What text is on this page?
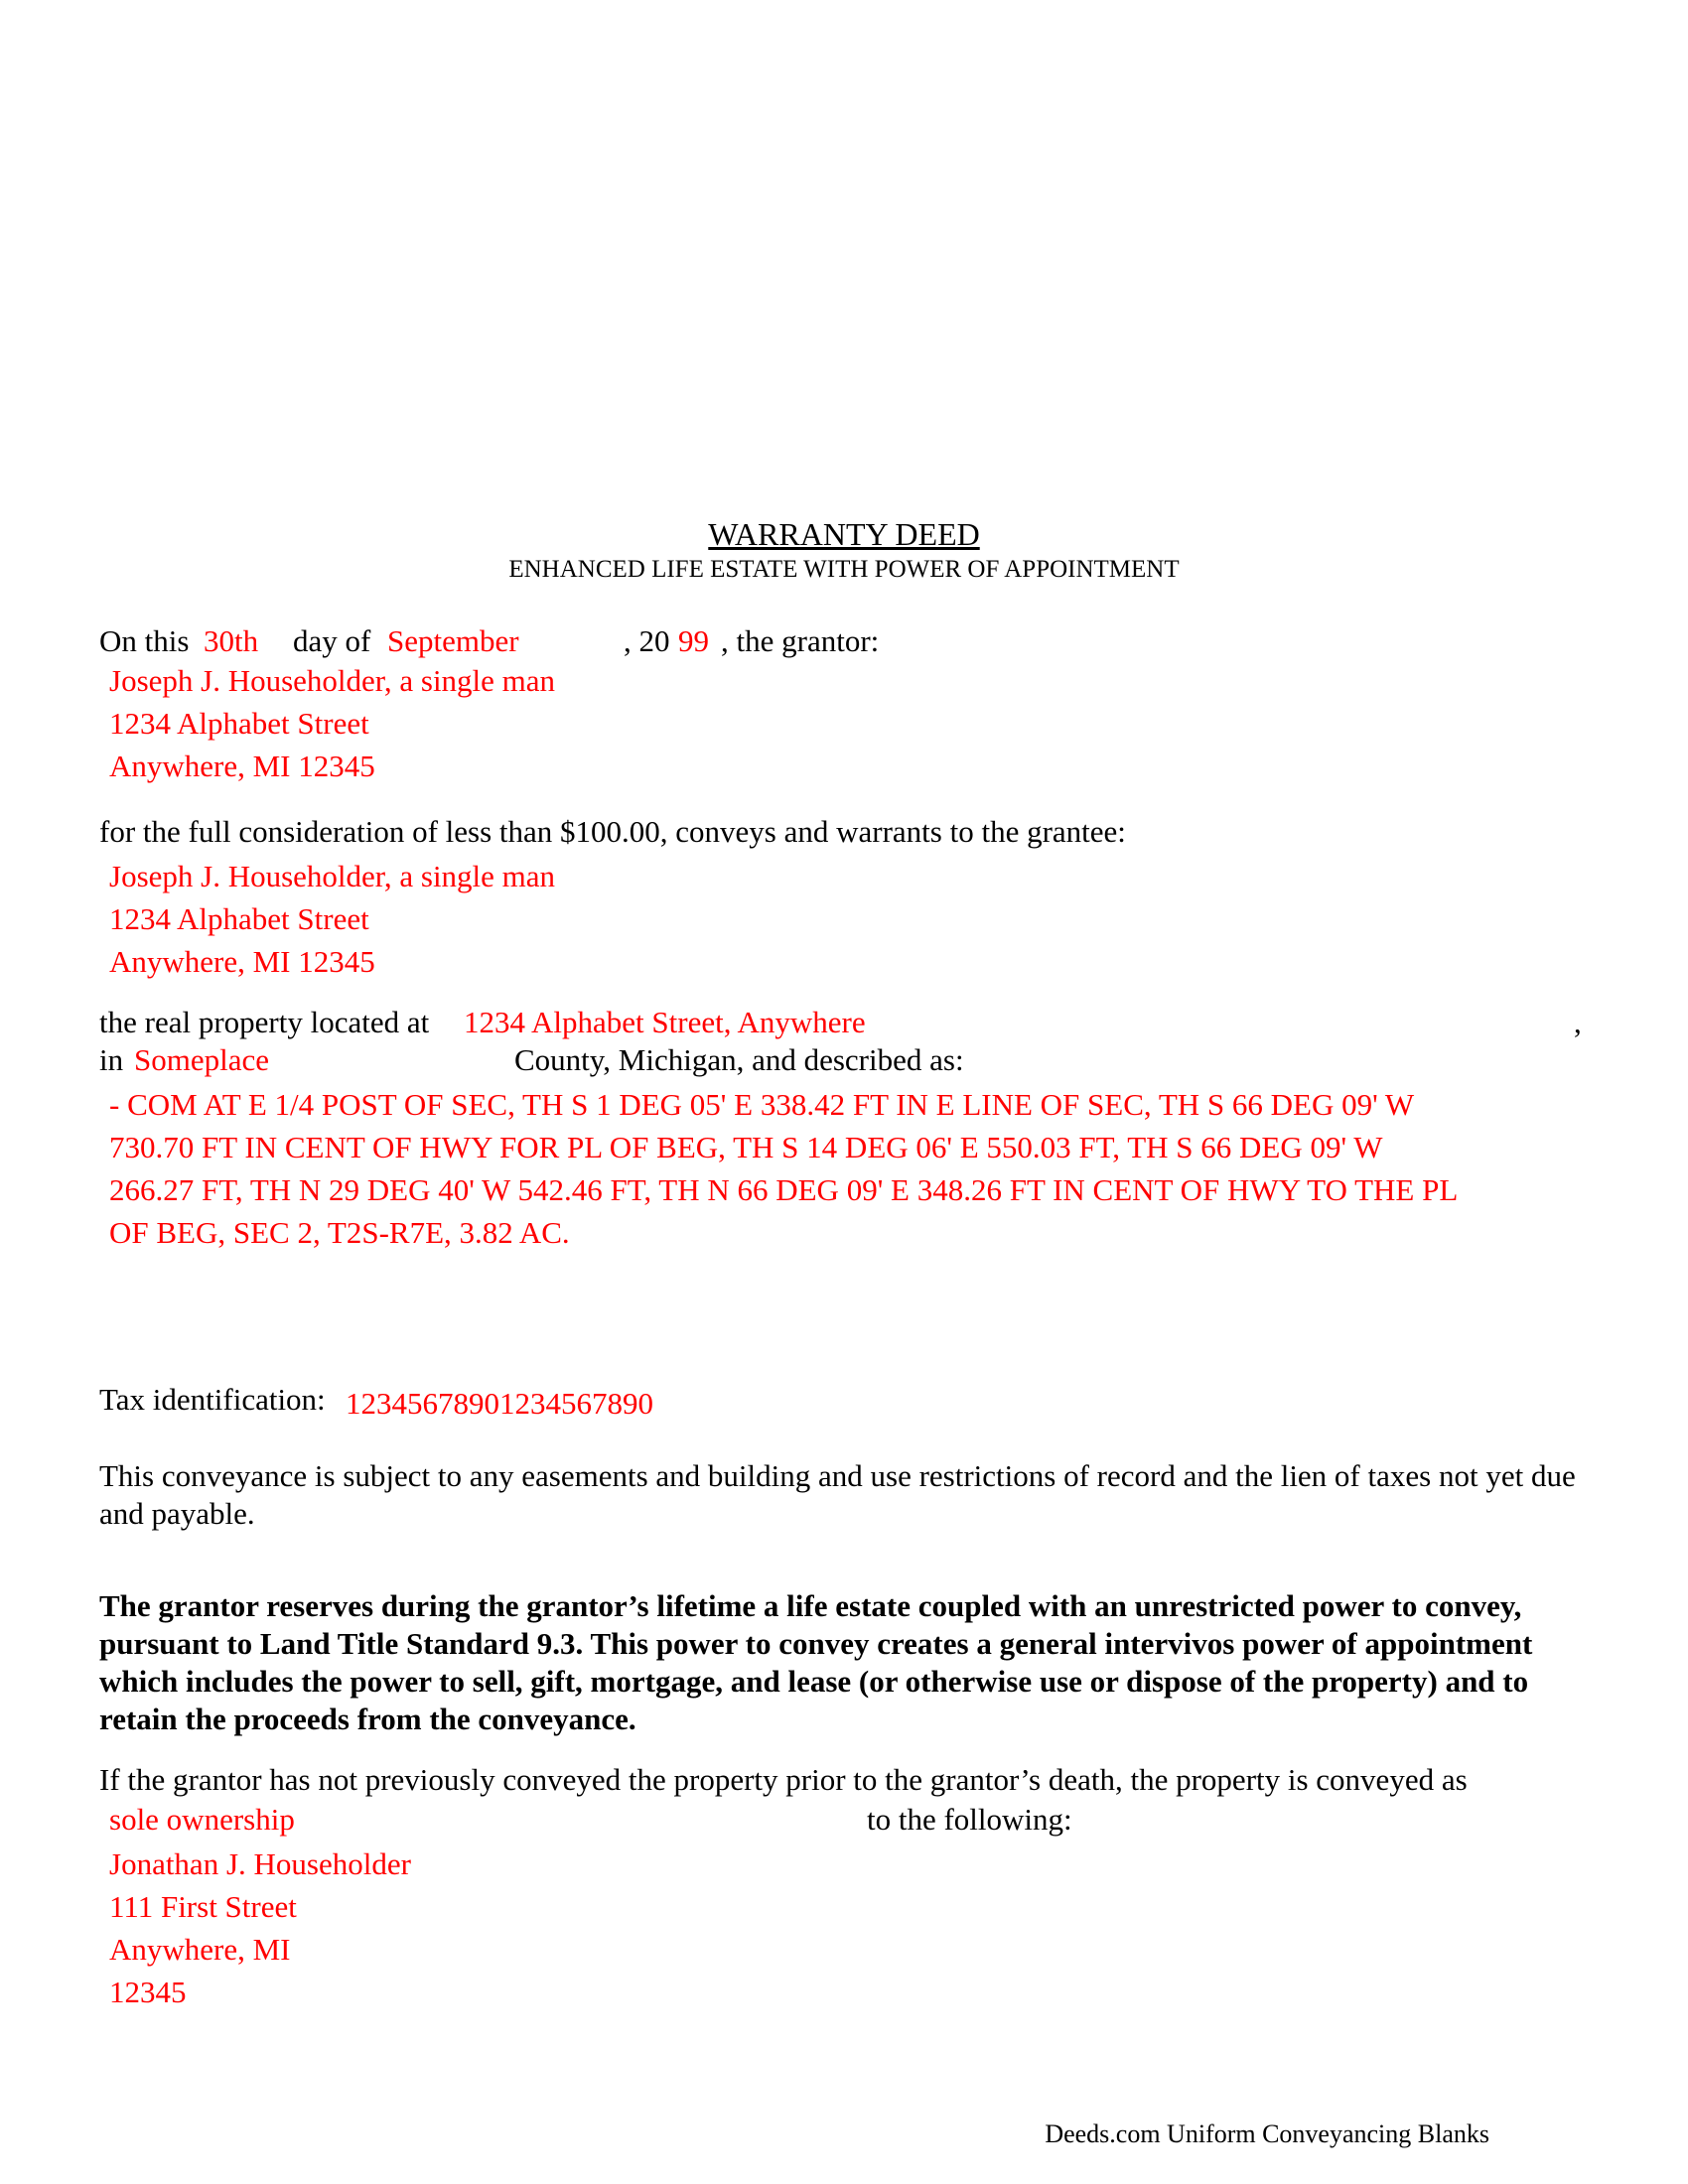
WARRANTY DEED
ENHANCED LIFE ESTATE WITH POWER OF APPOINTMENT
On this 30th day of September	, 20 99 , the grantor:
Joseph J. Householder, a single man
1234 Alphabet Street
Anywhere, MI 12345
for the full consideration of less than $100.00, conveys and warrants to the grantee:
Joseph J. Householder, a single man
1234 Alphabet Street
Anywhere, MI 12345
the real property located at 1234 Alphabet Street, Anywhere	,
in Someplace	County, Michigan, and described as:
- COM AT E 1/4 POST OF SEC, TH S 1 DEG 05' E 338.42 FT IN E LINE OF SEC, TH S 66 DEG 09' W
730.70 FT IN CENT OF HWY FOR PL OF BEG, TH S 14 DEG 06' E 550.03 FT, TH S 66 DEG 09' W
266.27 FT, TH N 29 DEG 40' W 542.46 FT, TH N 66 DEG 09' E 348.26 FT IN CENT OF HWY TO THE PL
OF BEG, SEC 2, T2S-R7E, 3.82 AC.
Tax identification: 12345678901234567890
This conveyance is subject to any easements and building and use restrictions of record and the lien of taxes not yet due and payable.
The grantor reserves during the grantor’s lifetime a life estate coupled with an unrestricted power to convey, pursuant to Land Title Standard 9.3. This power to convey creates a general intervivos power of appointment which includes the power to sell, gift, mortgage, and lease (or otherwise use or dispose of the property) and to retain the proceeds from the conveyance.
If the grantor has not previously conveyed the property prior to the grantor’s death, the property is conveyed as
sole ownership	to the following:
Jonathan J. Householder
111 First Street
Anywhere, MI
12345
Deeds.com Uniform Conveyancing Blanks
